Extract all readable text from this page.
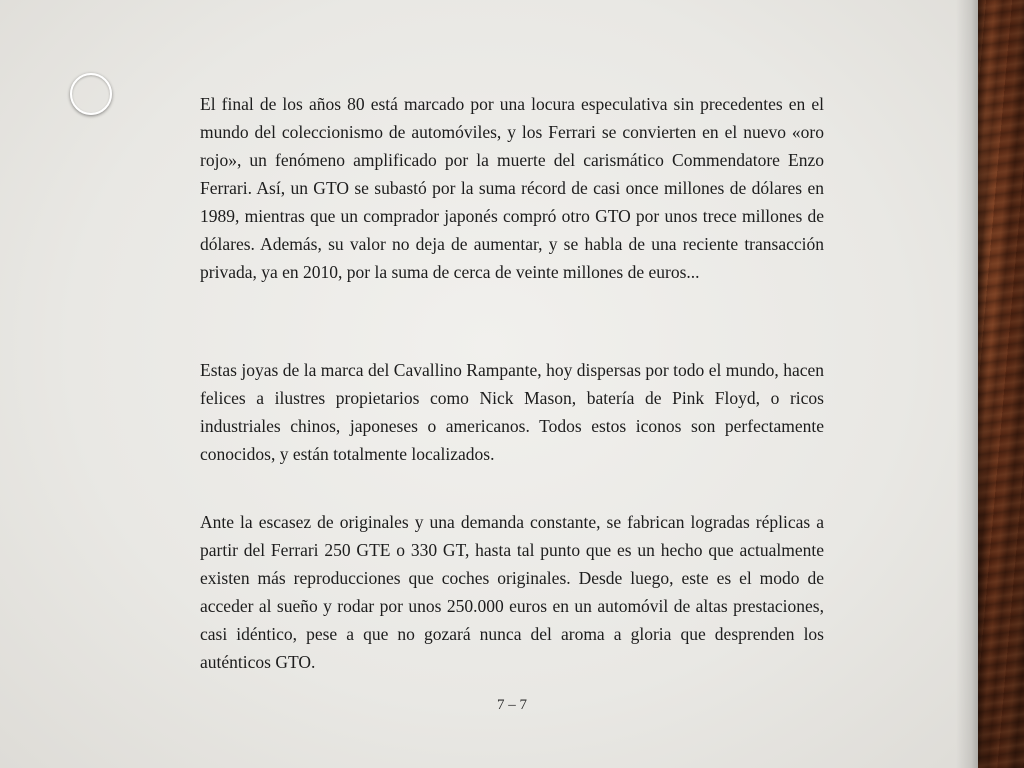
El final de los años 80 está marcado por una locura especulativa sin precedentes en el mundo del coleccionismo de automóviles, y los Ferrari se convierten en el nuevo «oro rojo», un fenómeno amplificado por la muerte del carismático Commendatore Enzo Ferrari. Así, un GTO se subastó por la suma récord de casi once millones de dólares en 1989, mientras que un comprador japonés compró otro GTO por unos trece millones de dólares. Además, su valor no deja de aumentar, y se habla de una reciente transacción privada, ya en 2010, por la suma de cerca de veinte millones de euros...

Estas joyas de la marca del Cavallino Rampante, hoy dispersas por todo el mundo, hacen felices a ilustres propietarios como Nick Mason, batería de Pink Floyd, o ricos industriales chinos, japoneses o americanos. Todos estos iconos son perfectamente conocidos, y están totalmente localizados.

Ante la escasez de originales y una demanda constante, se fabrican logradas réplicas a partir del Ferrari 250 GTE o 330 GT, hasta tal punto que es un hecho que actualmente existen más reproducciones que coches originales. Desde luego, este es el modo de acceder al sueño y rodar por unos 250.000 euros en un automóvil de altas prestaciones, casi idéntico, pese a que no gozará nunca del aroma a gloria que desprenden los auténticos GTO.

7 – 7
